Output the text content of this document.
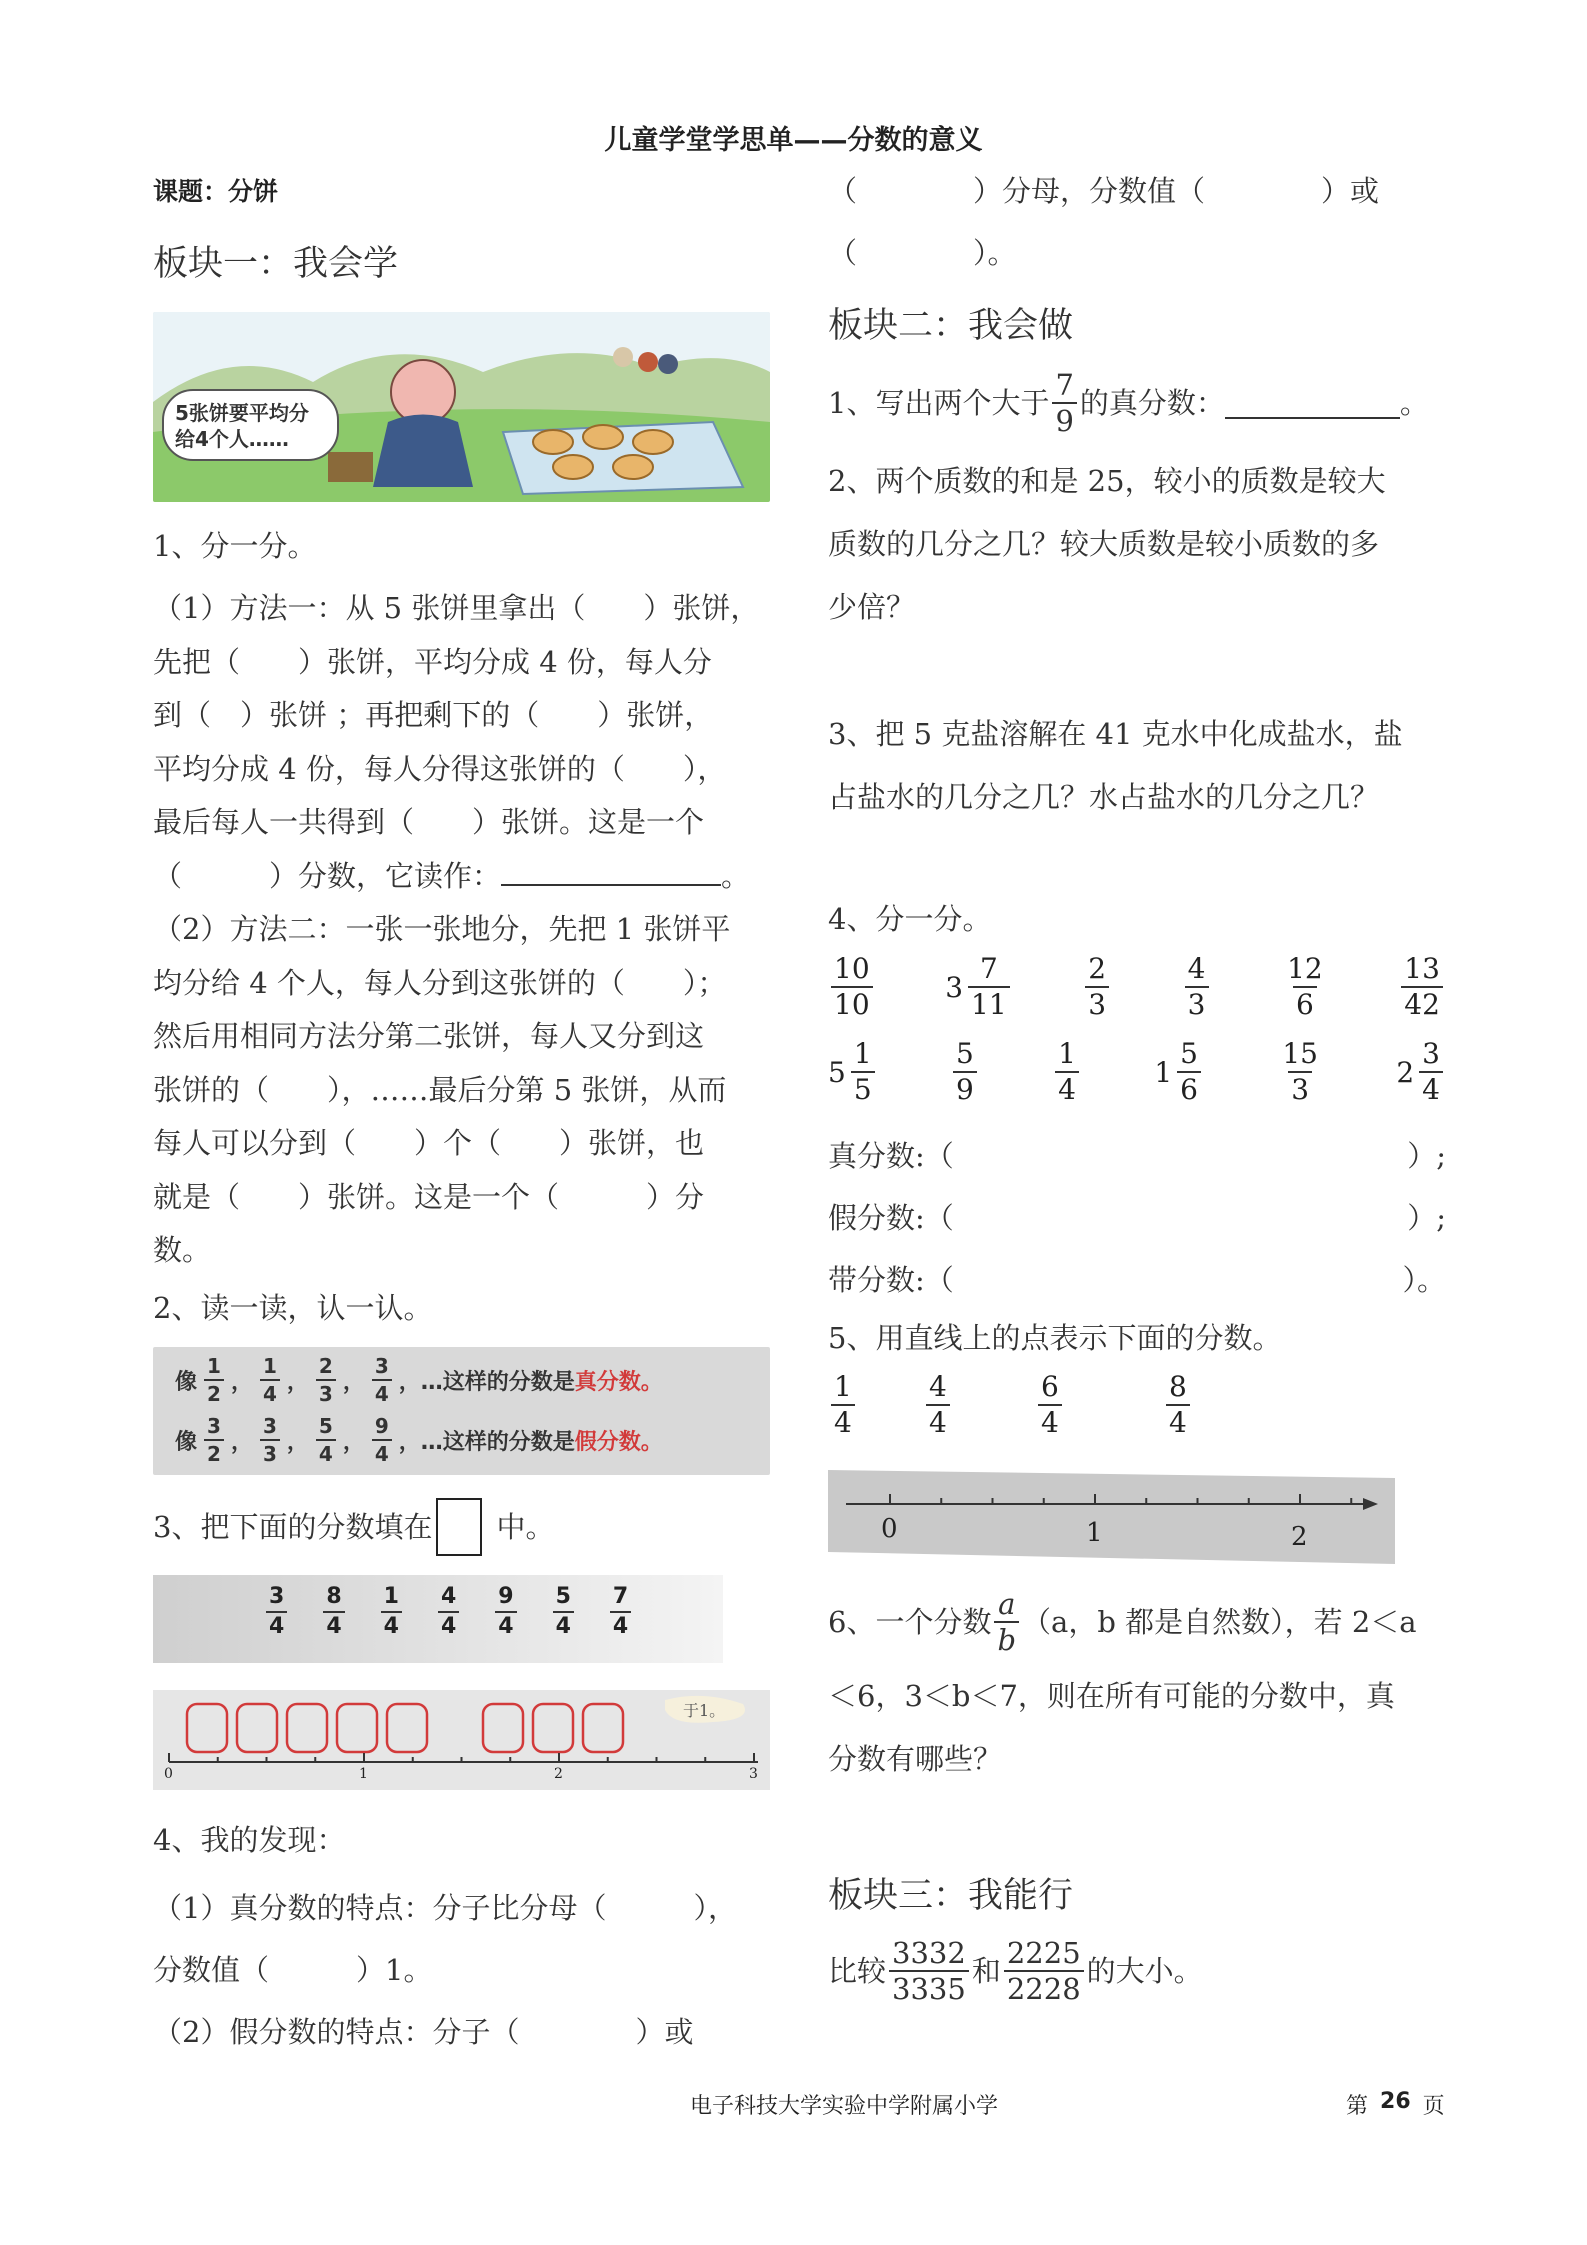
儿童学堂学思单——分数的意义
课题：分饼
板块一：我会学
5张饼要平均分给4个人……
1、分一分。
（1）方法一：从 5 张饼里拿出（　　）张饼，
先把（　　）张饼，平均分成 4 份，每人分
到（　）张饼 ；再把剩下的（　　）张饼，
平均分成 4 份，每人分得这张饼的（　　），
最后每人一共得到（　　）张饼。这是一个
（　　　）分数，它读作：	。
（2）方法二：一张一张地分，先把 1 张饼平
均分给 4 个人，每人分到这张饼的（　　）；
然后用相同方法分第二张饼，每人又分到这
张饼的（　　），……最后分第 5 张饼，从而
每人可以分到（　　）个（　　）张饼，也
就是（　　）张饼。这是一个（　　　）分
数。
2、读一读，认一认。
像 $\frac{1}{2}$ ， $\frac{1}{4}$ ， $\frac{2}{3}$ ， $\frac{3}{4}$ ，…这样的分数是 真分数。
像 $\frac{3}{2}$ ， $\frac{3}{3}$ ， $\frac{5}{4}$ ， $\frac{9}{4}$ ，…这样的分数是 假分数。
3、把下面的分数填在 中。
$\frac{3}{4} \frac{8}{4} \frac{1}{4} \frac{4}{4} \frac{9}{4} \frac{5}{4} \frac{7}{4}$
于1。
0	1	2	3
4、我的发现：
（1）真分数的特点：分子比分母（　　　），
分数值（　　　）1。
（2）假分数的特点：分子（　　　　）或
（　　　　）分母，分数值（　　　　）或
（　　　　）。
板块二：我会做
1、写出两个大于 $\frac{7}{9}$ 的真分数：	。
2、两个质数的和是 25，较小的质数是较大
质数的几分之几？较大质数是较小质数的多
少倍？
3、把 5 克盐溶解在 41 克水中化成盐水，盐
占盐水的几分之几？水占盐水的几分之几？
4、分一分。
$\frac{10}{10}$	$3 \frac{7}{11}$	$\frac{2}{3}$	$\frac{4}{3}$	$\frac{12}{6}$	$\frac{13}{42}$
$5 \frac{1}{5}$	$\frac{5}{9}$	$\frac{1}{4}$	$1 \frac{5}{6}$	$\frac{15}{3}$	$2 \frac{3}{4}$
真分数:（	）;
假分数:（	）;
带分数:（	）。
5、用直线上的点表示下面的分数。
$\frac{1}{4}$	$\frac{4}{4}$	$\frac{6}{4}$	$\frac{8}{4}$
0	1	2
6、一个分数 $\frac{a}{b} (a$，b 都是自然数），若 2＜a
＜6，3＜b＜7，则在所有可能的分数中，真
分数有哪些？
板块三：我能行
比较 $\frac{3332}{3335}$ 和 $\frac{2225}{2228}$ 的大小。
电子科技大学实验中学附属小学	第 26 页
